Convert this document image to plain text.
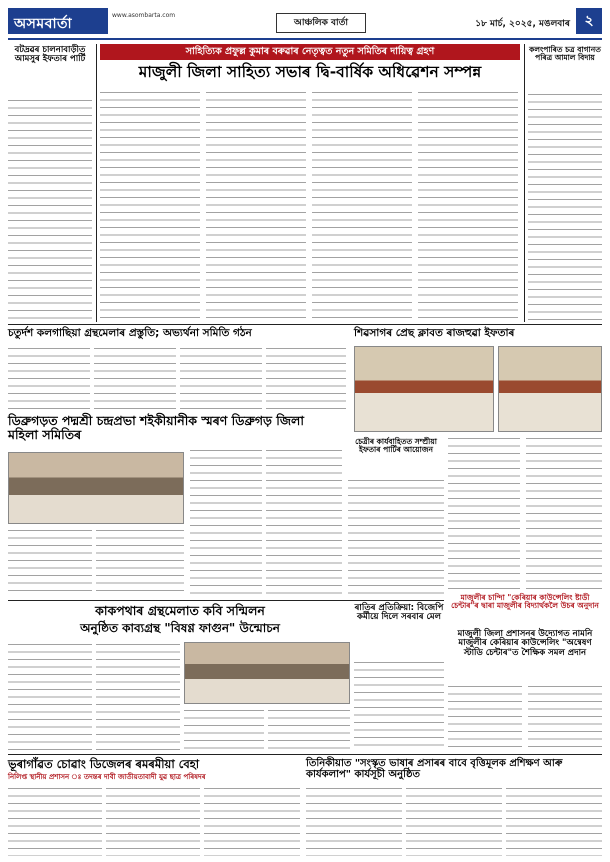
অসমবাৰ্তা
www.asombarta.com
আঞ্চলিক বাৰ্তা	১৮ মাৰ্চ, ২০২৫, মঙলবাৰ	২
বটদ্ৰৱৰ চালনাবাড়ীত আমসুৰ ইফতাৰ পাৰ্টি
সাহিত্যিক প্ৰফুল্ল কুমাৰ বৰুৱাৰ নেতৃত্বত নতুন সমিতিৰ দায়িত্ব গ্ৰহণ
মাজুলী জিলা সাহিত্য সভাৰ দ্বি-বাৰ্ষিক অধিৱেশন সম্পন্ন
কলংপাৰিত চত্ৰ বাগানত পৰিত্ৰ আমাল বিদায়
চতুৰ্দশ কলগাছিয়া গ্ৰন্থমেলাৰ প্ৰস্তুতি; অভ্যৰ্থনা সমিতি গঠন	শিৱসাগৰ প্ৰেছ ক্লাবত ৰাজহুৱা ইফতাৰ
ডিব্ৰুগড়ত পদ্মশ্ৰী চন্দ্ৰপ্ৰভা শইকীয়ানীক স্মৰণ ডিব্ৰুগড় জিলা মহিলা সমিতিৰ	চেত্ৰীৰ কাৰ্যবাহিতত সম্প্ৰীয়া ইফতাৰ পাৰ্টিৰ আয়োজন
মাজুলীৰ চান্দিা "কেৰিয়াৰ কাউন্সেলিং ষ্টাডী চেন্টাৰ"ৰ দ্বাৰা মাজুলীৰ বিদ্যাৰ্থকলৈ উচৰ অনুদান
কাকপথাৰ গ্ৰন্থমেলাত কবি সন্মিলন
অনুষ্ঠিত কাব্যগ্ৰন্থ "বিষণ্ণ ফাগুন" উন্মোচন
ৰাতিৰ প্ৰতিক্ৰিয়া: বিজেপি কৰ্মীয়ে দিলে সৰবাৰ মেল
মাজুলী জিলা প্ৰশাসনৰ উদ্যোগত নামনি মাজুলীৰ কেৰিয়াৰ কাউন্সেলিং "অন্বেষণ স্টাডি চেন্টাৰ"ত শৈক্ষিক সমল প্ৰদান
ভূৰাগাঁৱত চোৱাং ডিজেলৰ ৰমৰমীয়া বেহা
নিলিপ্ত স্থানীয় প্ৰশাসন ঃ তদন্তৰ দাবী জাতীয়তাবাদী যুৱ ছাত্ৰ পৰিষদৰ
তিনিকীয়াত "সংস্কৃত ভাষাৰ প্ৰসাৰৰ বাবে বৃত্তিমূলক প্ৰশিক্ষণ আৰু কাৰ্যকলাপ" কাৰ্যসূচী অনুষ্ঠিত
